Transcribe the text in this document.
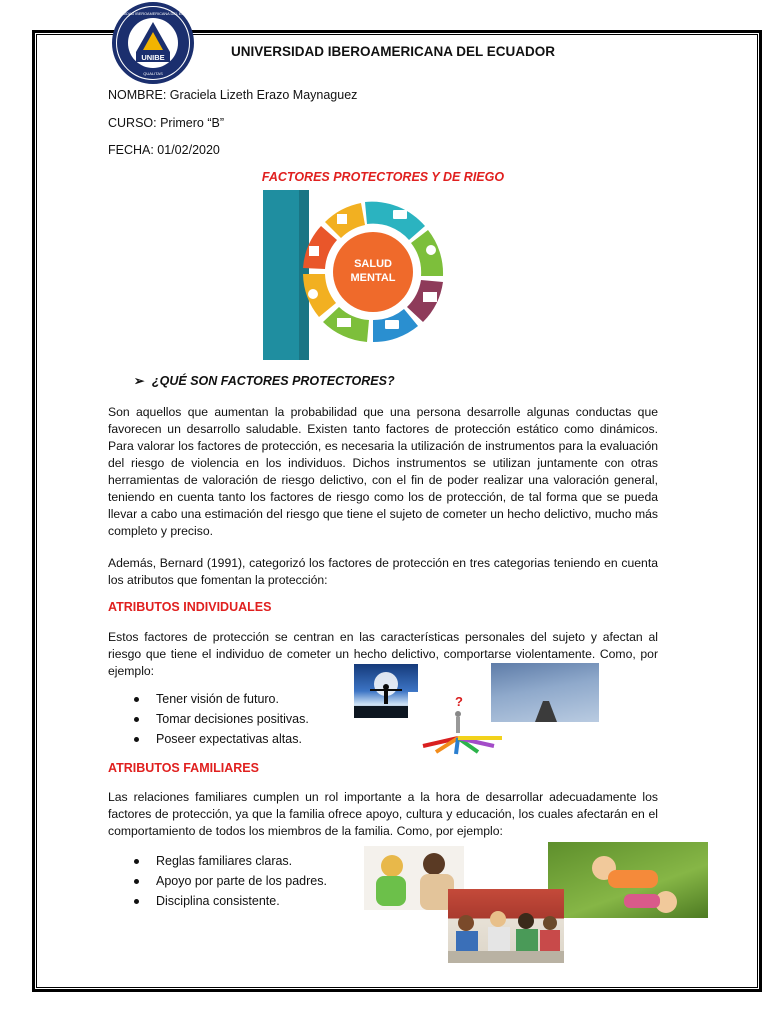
UNIBE
UNIVERSIDAD IBEROAMERICANA DEL ECUADOR
QUALITAS
UNIVERSIDAD IBEROAMERICANA DEL ECUADOR
NOMBRE: Graciela Lizeth Erazo Maynaguez
CURSO: Primero “B”
FECHA: 01/02/2020
FACTORES PROTECTORES Y DE RIEGO
SALUD
MENTAL
➢ ¿QUÉ SON FACTORES PROTECTORES?
Son aquellos que aumentan la probabilidad que una persona desarrolle algunas conductas que favorecen un desarrollo saludable. Existen tanto factores de protección estático como dinámicos. Para valorar los factores de protección, es necesaria la utilización de instrumentos para la evaluación del riesgo de violencia en los individuos. Dichos instrumentos se utilizan juntamente con otras herramientas de valoración de riesgo delictivo, con el fin de poder realizar una valoración general, teniendo en cuenta tanto los factores de riesgo como los de protección, de tal forma que se pueda llevar a cabo una estimación del riesgo que tiene el sujeto de cometer un hecho delictivo, mucho más completo y preciso.
Además, Bernard (1991), categorizó los factores de protección en tres categorias teniendo en cuenta los atributos que fomentan la protección:
ATRIBUTOS INDIVIDUALES
Estos factores de protección se centran en las características personales del sujeto y afectan al riesgo que tiene el individuo de cometer un hecho delictivo, comportarse violentamente. Como, por ejemplo:
Tener visión de futuro.
Tomar decisiones positivas.
Poseer expectativas altas.
?
ATRIBUTOS FAMILIARES
Las relaciones familiares cumplen un rol importante a la hora de desarrollar adecuadamente los factores de protección, ya que la familia ofrece apoyo, cultura y educación, los cuales afectarán en el comportamiento de todos los miembros de la familia. Como, por ejemplo:
Reglas familiares claras.
Apoyo por parte de los padres.
Disciplina consistente.
